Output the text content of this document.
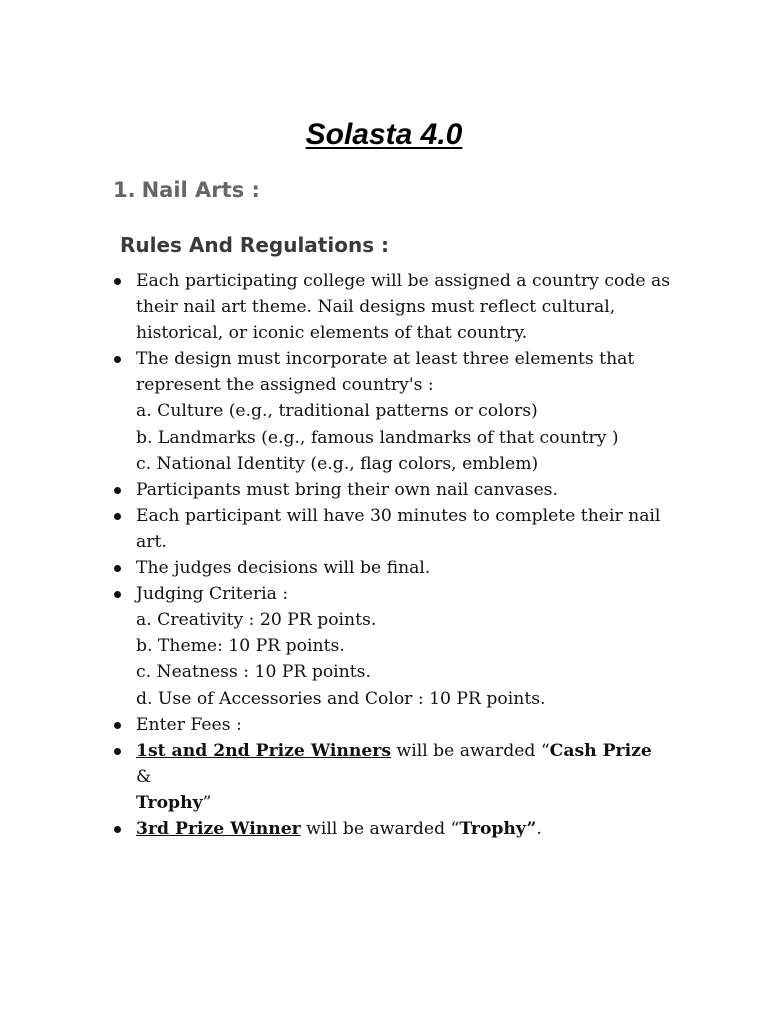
Solasta 4.0
1. Nail Arts :
Rules And Regulations :
Each participating college will be assigned a country code as
their nail art theme. Nail designs must reflect cultural,
historical, or iconic elements of that country.
The design must incorporate at least three elements that
represent the assigned country's :
a. Culture (e.g., traditional patterns or colors)
b. Landmarks (e.g., famous landmarks of that country )
c. National Identity (e.g., flag colors, emblem)
Participants must bring their own nail canvases.
Each participant will have 30 minutes to complete their nail
art.
The judges decisions will be final.
Judging Criteria :
a. Creativity : 20 PR points.
b. Theme: 10 PR points.
c. Neatness : 10 PR points.
d. Use of Accessories and Color : 10 PR points.
Enter Fees :
1st and 2nd Prize Winners will be awarded “Cash Prize &
Trophy”
3rd Prize Winner will be awarded “Trophy”.
